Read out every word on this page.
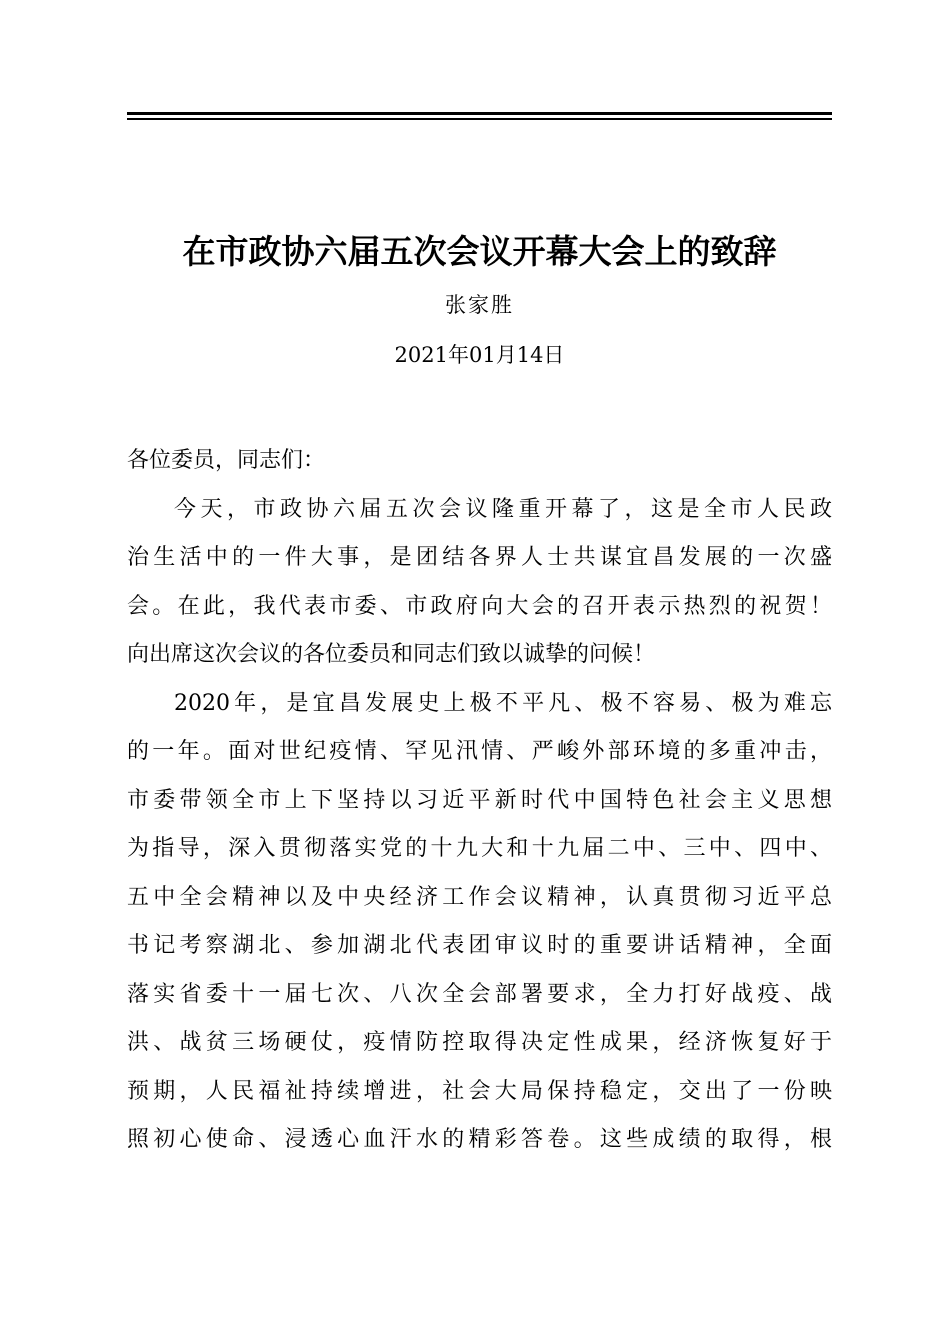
在市政协六届五次会议开幕大会上的致辞
张家胜
2021年01月14日
各位委员，同志们：
今天，市政协六届五次会议隆重开幕了，这是全市人民政
治生活中的一件大事，是团结各界人士共谋宜昌发展的一次盛
会。在此，我代表市委、市政府向大会的召开表示热烈的祝贺！
向出席这次会议的各位委员和同志们致以诚挚的问候！
2020年，是宜昌发展史上极不平凡、极不容易、极为难忘
的一年。面对世纪疫情、罕见汛情、严峻外部环境的多重冲击，
市委带领全市上下坚持以习近平新时代中国特色社会主义思想
为指导，深入贯彻落实党的十九大和十九届二中、三中、四中、
五中全会精神以及中央经济工作会议精神，认真贯彻习近平总
书记考察湖北、参加湖北代表团审议时的重要讲话精神，全面
落实省委十一届七次、八次全会部署要求，全力打好战疫、战
洪、战贫三场硬仗，疫情防控取得决定性成果，经济恢复好于
预期，人民福祉持续增进，社会大局保持稳定，交出了一份映
照初心使命、浸透心血汗水的精彩答卷。这些成绩的取得，根
